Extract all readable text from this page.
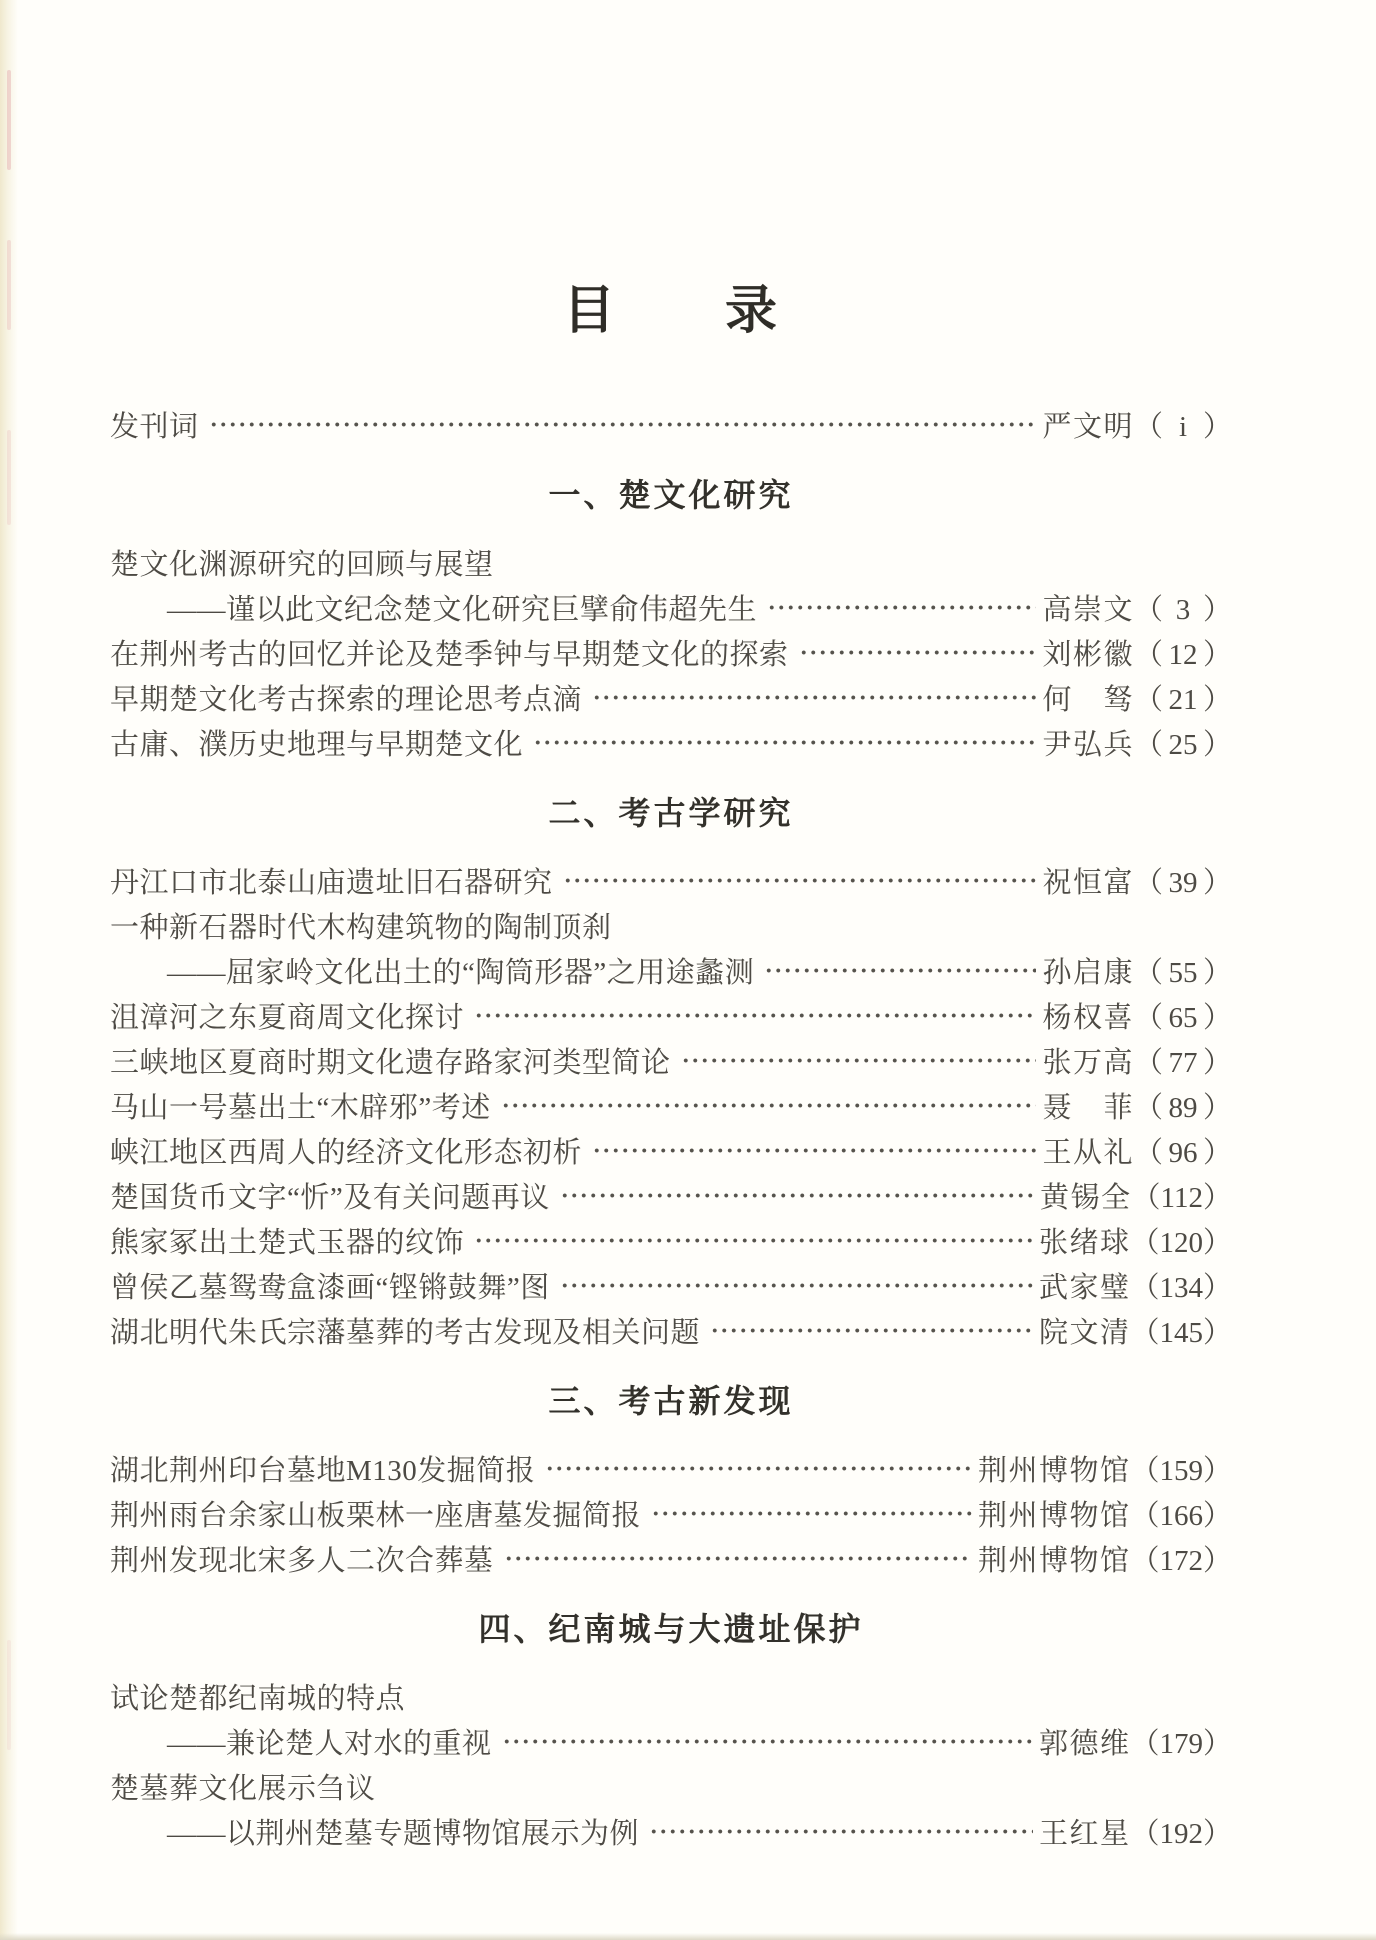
目　　录
发刊词	严文明 （ i ）
一、楚文化研究
楚文化渊源研究的回顾与展望
——谨以此文纪念楚文化研究巨擘俞伟超先生	高崇文 （ 3 ）
在荆州考古的回忆并论及楚季钟与早期楚文化的探索	刘彬徽 （ 12 ）
早期楚文化考古探索的理论思考点滴	何　驽 （ 21 ）
古庸、濮历史地理与早期楚文化	尹弘兵 （ 25 ）
二、考古学研究
丹江口市北泰山庙遗址旧石器研究	祝恒富 （ 39 ）
一种新石器时代木构建筑物的陶制顶刹
——屈家岭文化出土的“陶筒形器”之用途蠡测	孙启康 （ 55 ）
沮漳河之东夏商周文化探讨	杨权喜 （ 65 ）
三峡地区夏商时期文化遗存路家河类型简论	张万高 （ 77 ）
马山一号墓出土“木辟邪”考述	聂　菲 （ 89 ）
峡江地区西周人的经济文化形态初析	王从礼 （ 96 ）
楚国货币文字“忻”及有关问题再议	黄锡全 （112）
熊家冢出土楚式玉器的纹饰	张绪球 （120）
曾侯乙墓鸳鸯盒漆画“铿锵鼓舞”图	武家璧 （134）
湖北明代朱氏宗藩墓葬的考古发现及相关问题	院文清 （145）
三、考古新发现
湖北荆州印台墓地M130发掘简报	荆州博物馆 （159）
荆州雨台余家山板栗林一座唐墓发掘简报	荆州博物馆 （166）
荆州发现北宋多人二次合葬墓	荆州博物馆 （172）
四、纪南城与大遗址保护
试论楚都纪南城的特点
——兼论楚人对水的重视	郭德维 （179）
楚墓葬文化展示刍议
——以荆州楚墓专题博物馆展示为例	王红星 （192）
